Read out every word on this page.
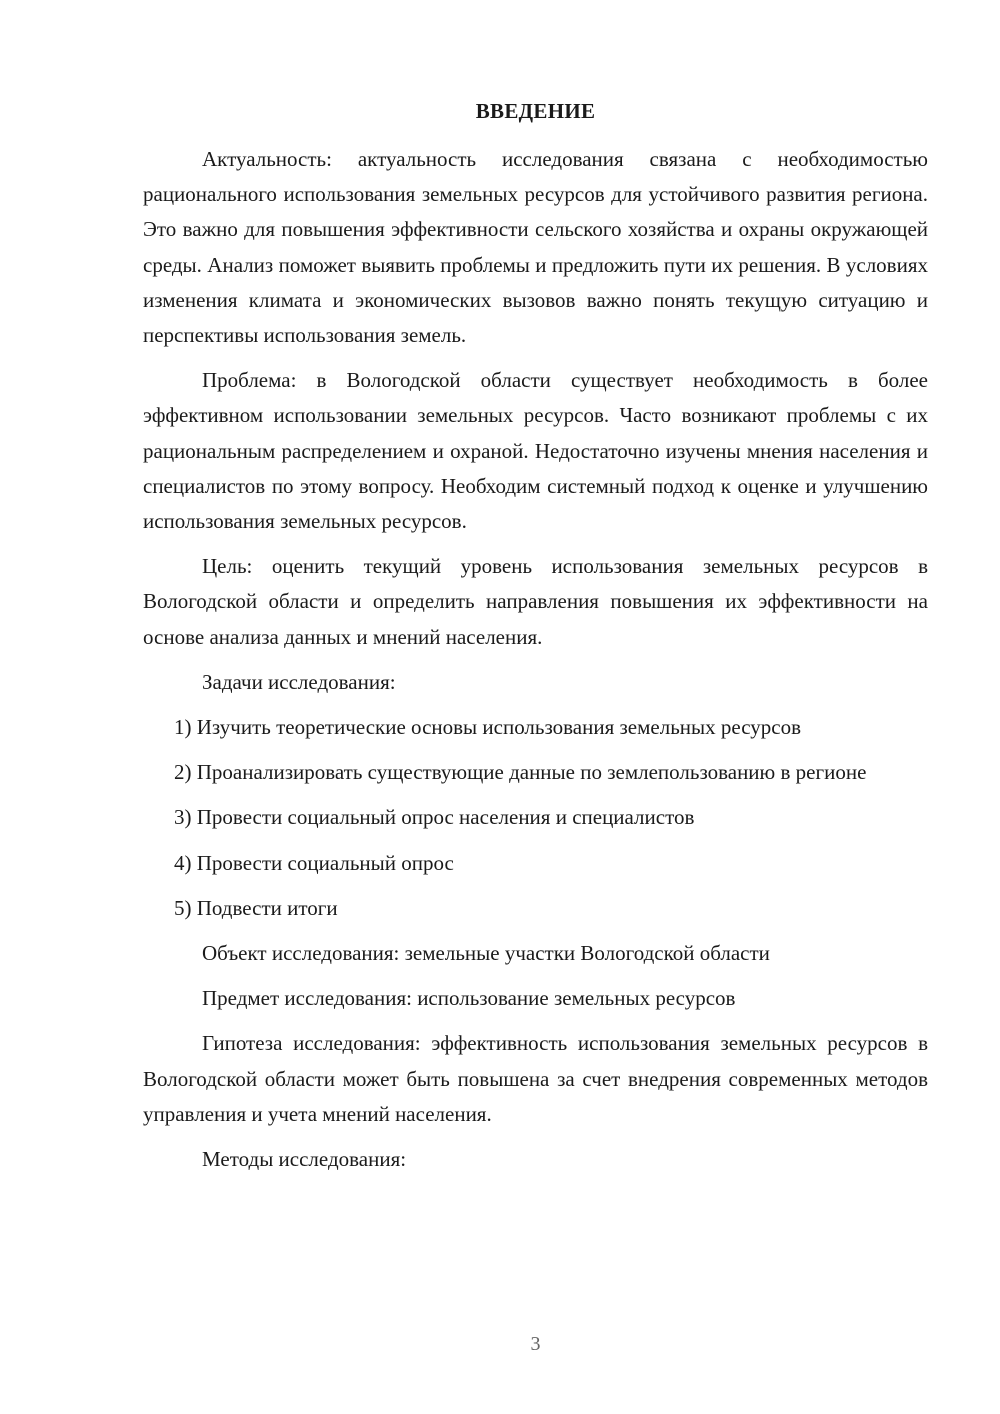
ВВЕДЕНИЕ

Актуальность: актуальность исследования связана с необходимостью рационального использования земельных ресурсов для устойчивого развития региона. Это важно для повышения эффективности сельского хозяйства и охраны окружающей среды. Анализ поможет выявить проблемы и предложить пути их решения. В условиях изменения климата и экономических вызовов важно понять текущую ситуацию и перспективы использования земель.

Проблема: в Вологодской области существует необходимость в более эффективном использовании земельных ресурсов. Часто возникают проблемы с их рациональным распределением и охраной. Недостаточно изучены мнения населения и специалистов по этому вопросу. Необходим системный подход к оценке и улучшению использования земельных ресурсов.

Цель: оценить текущий уровень использования земельных ресурсов в Вологодской области и определить направления повышения их эффективности на основе анализа данных и мнений населения.

Задачи исследования:

1) Изучить теоретические основы использования земельных ресурсов

2) Проанализировать существующие данные по землепользованию в регионе

3) Провести социальный опрос населения и специалистов

4) Провести социальный опрос

5) Подвести итоги

Объект исследования: земельные участки Вологодской области

Предмет исследования: использование земельных ресурсов

Гипотеза исследования: эффективность использования земельных ресурсов в Вологодской области может быть повышена за счет внедрения современных методов управления и учета мнений населения.

Методы исследования:

3
